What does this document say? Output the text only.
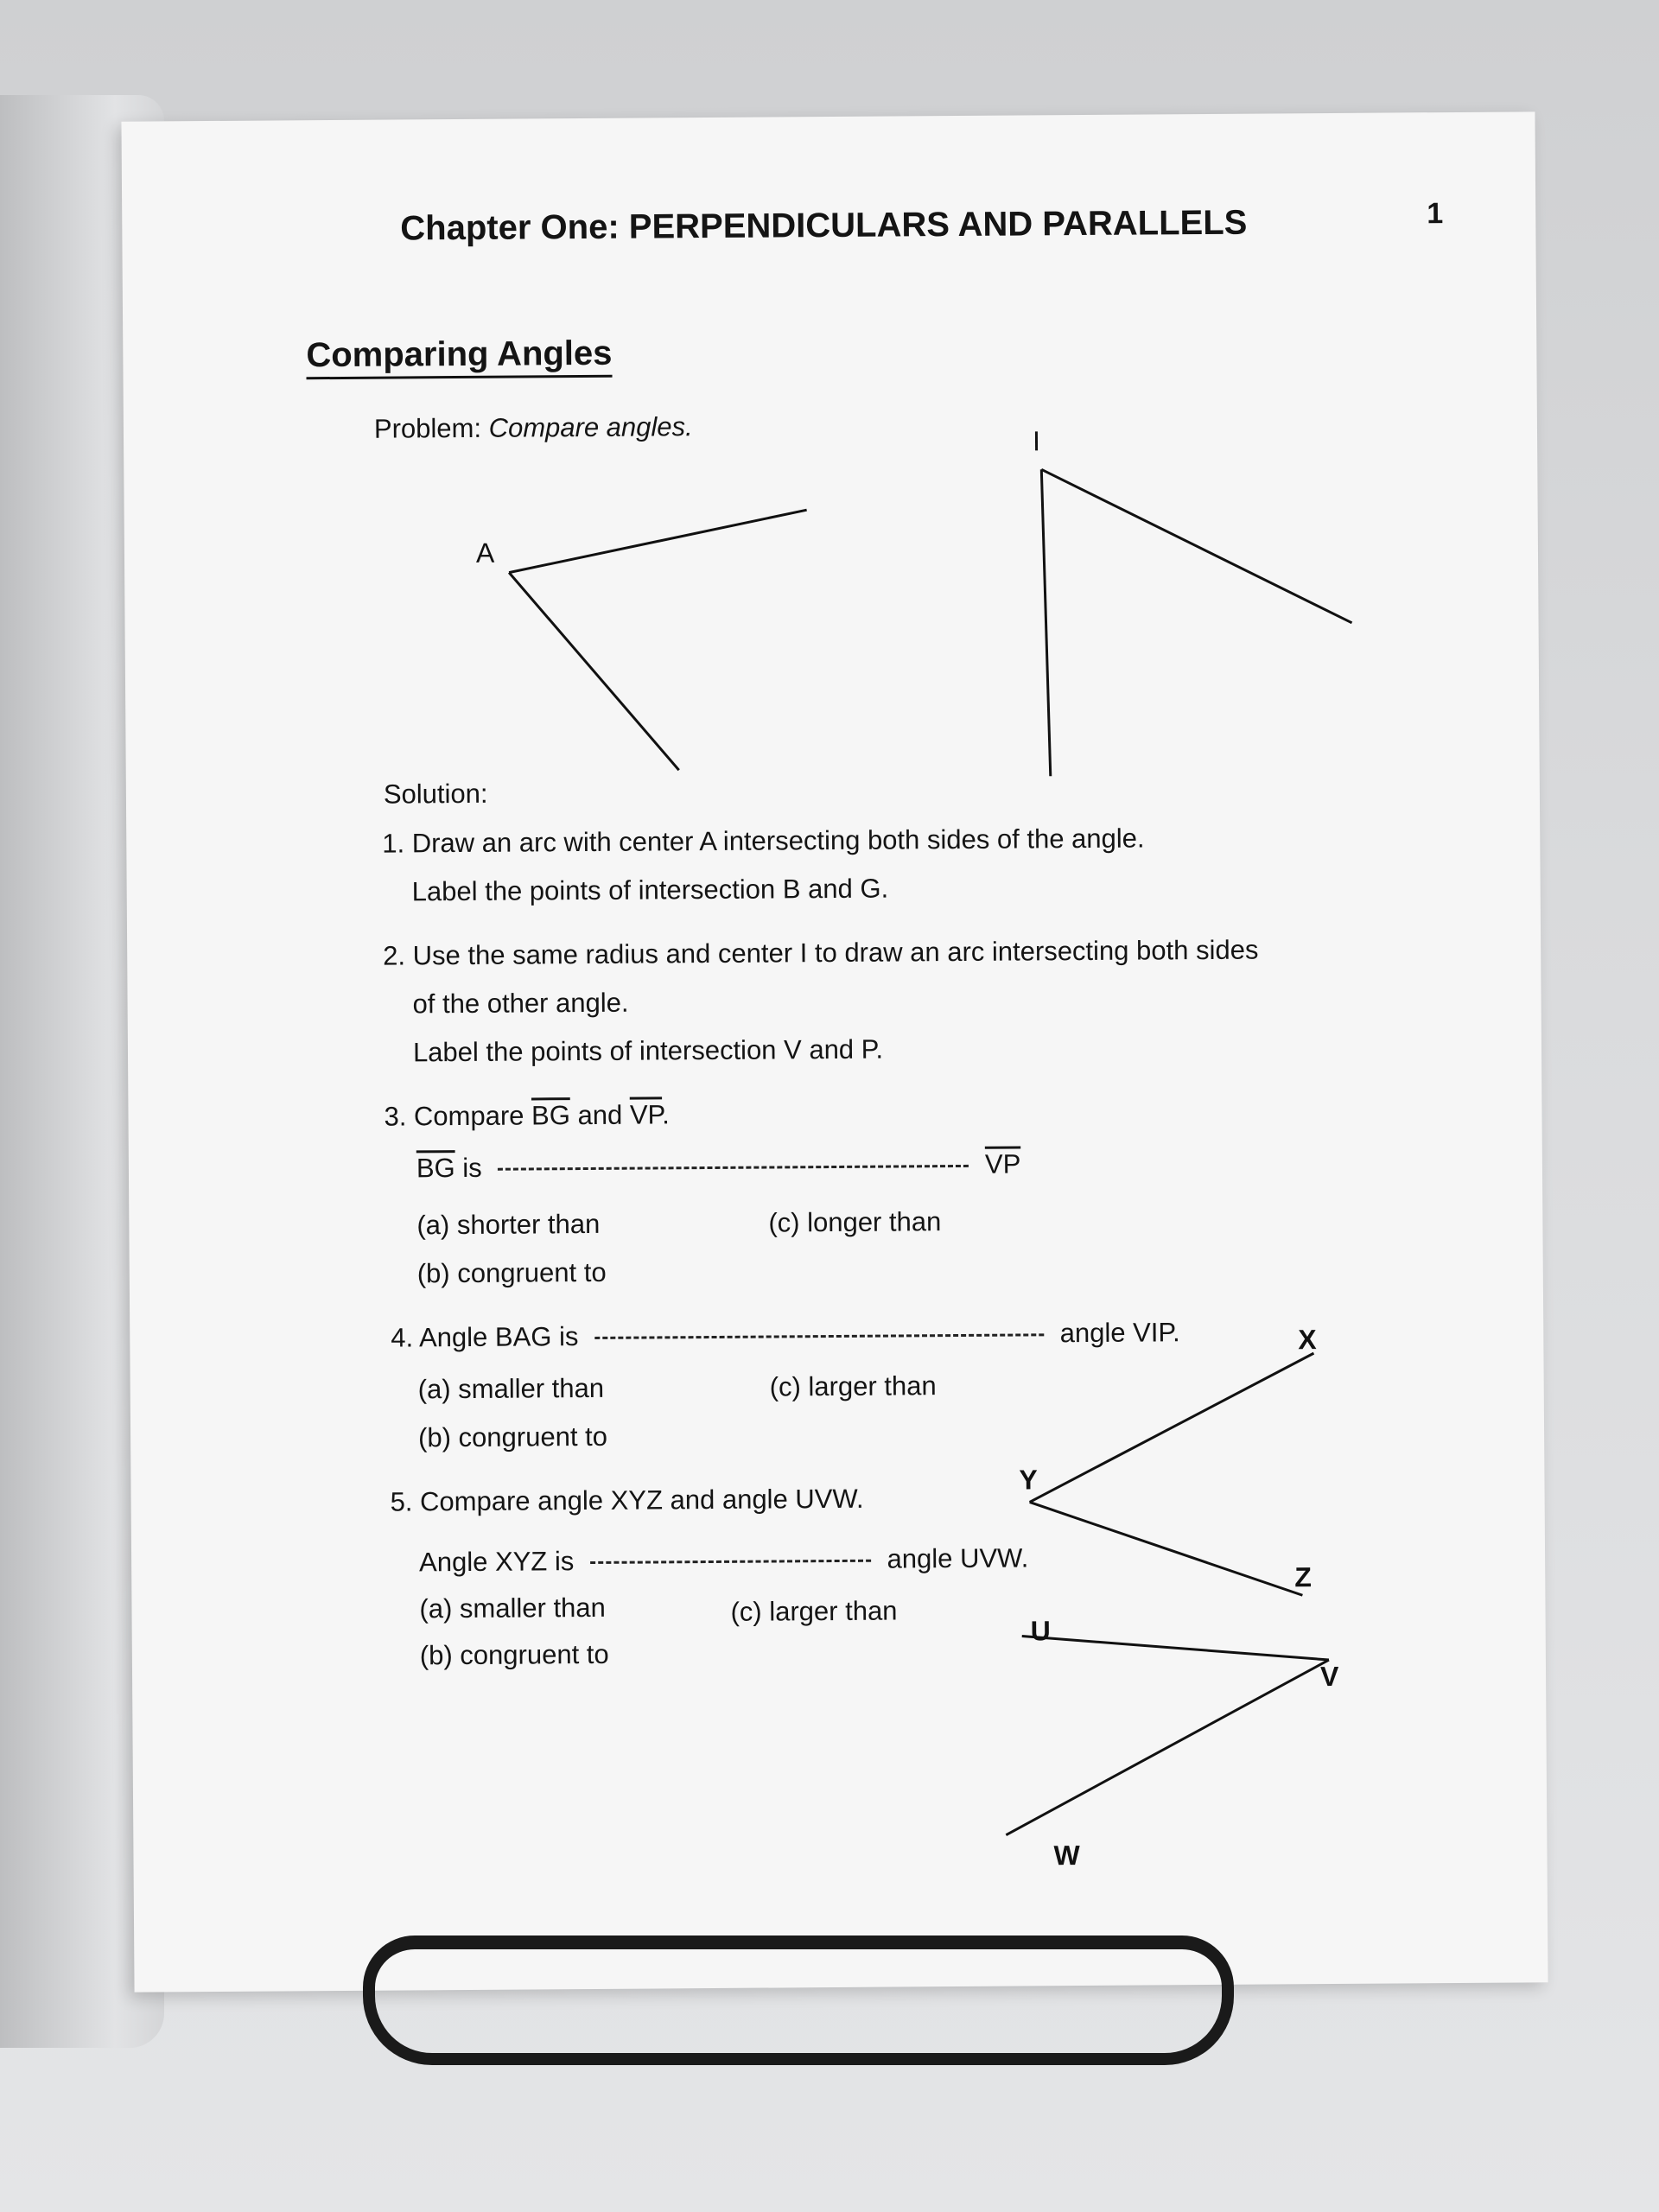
1
Chapter One: PERPENDICULARS AND PARALLELS
Comparing Angles
Problem: Compare angles.
A
I
X
Y
Z
U
V
W
Solution:
1. Draw an arc with center A intersecting both sides of the angle.
Label the points of intersection B and G.
2. Use the same radius and center I to draw an arc intersecting both sides
of the other angle.
Label the points of intersection V and P.
3. Compare $\overline{BG}$ and $\overline{VP}$.
$\overline{BG}$ is	$\overline{VP}$
(a) shorter than	(c) longer than
(b) congruent to
4. Angle BAG is	angle VIP.
(a) smaller than	(c) larger than
(b) congruent to
5. Compare angle XYZ and angle UVW.
Angle XYZ is	angle UVW.
(a) smaller than	(c) larger than
(b) congruent to
